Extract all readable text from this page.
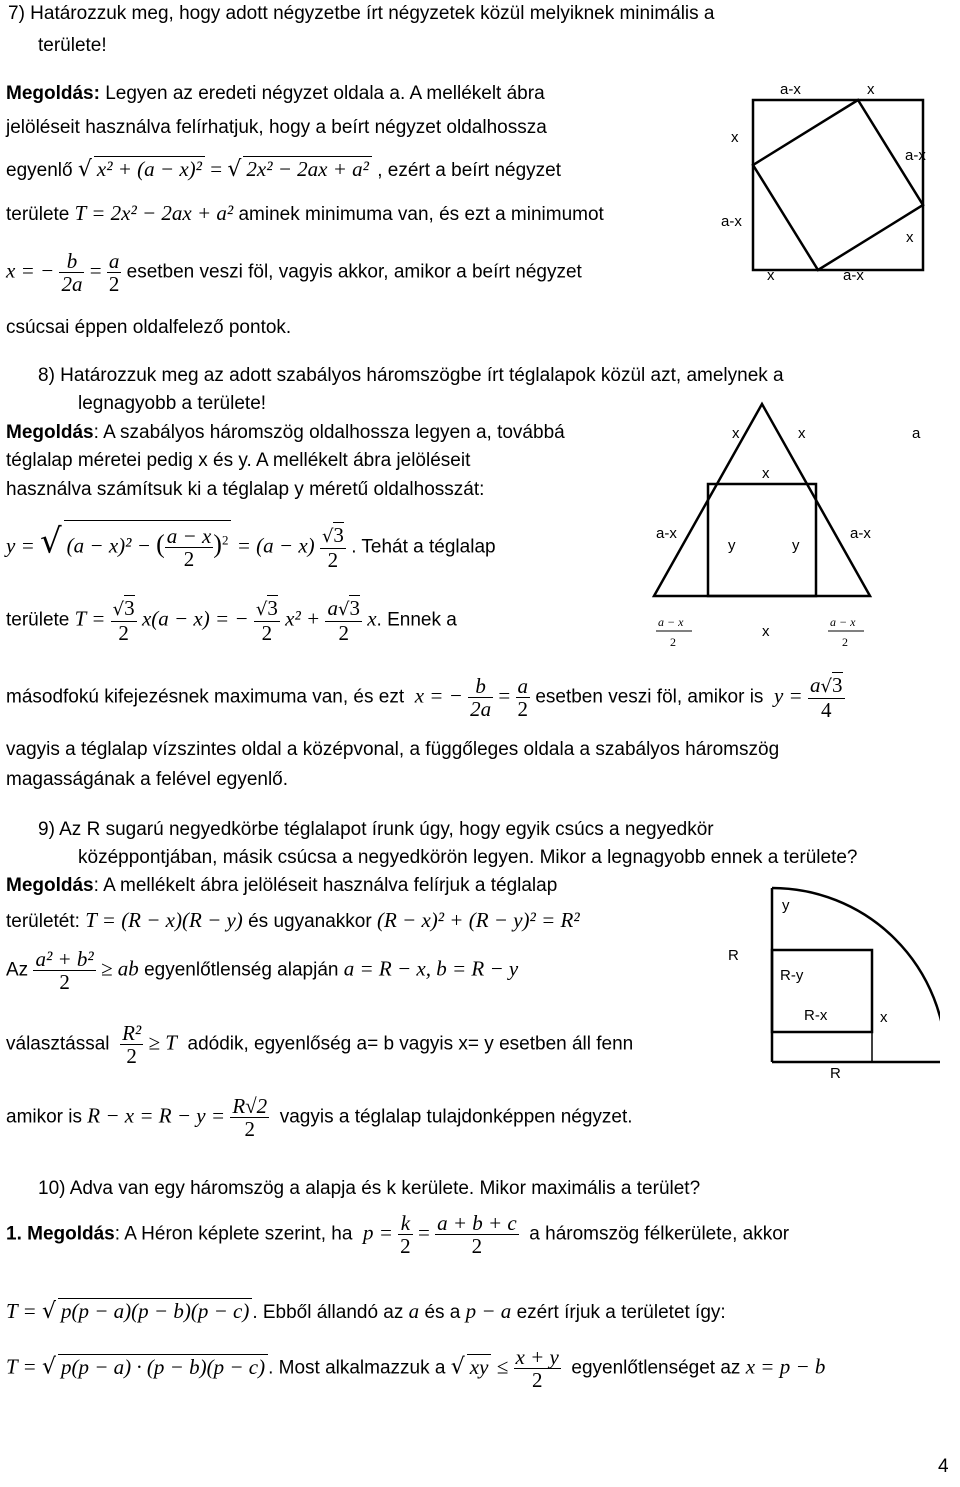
7) Határozzuk meg, hogy adott négyzetbe írt négyzetek közül melyiknek minimális a
területe!
Megoldás: Legyen az eredeti négyzet oldala a. A mellékelt ábra
jelöléseit használva felírhatjuk, hogy a beírt négyzet oldalhossza
egyenlő √ x² + (a − x)² = √ 2x² − 2ax + a² , ezért a beírt négyzet
területe T = 2x² − 2ax + a² aminek minimuma van, és ezt a minimumot
x = − $\frac{b}{2a} = \frac{a}{2}$ esetben veszi föl, vagyis akkor, amikor a beírt négyzet
csúcsai éppen oldalfelező pontok.
a-x	x
x
a-x
a-x
x
x	a-x
8) Határozzuk meg az adott szabályos háromszögbe írt téglalapok közül azt, amelynek a
legnagyobb a területe!
Megoldás: A szabályos háromszög oldalhossza legyen a, továbbá
téglalap méretei pedig x és y. A mellékelt ábra jelöléseit
használva számítsuk ki a téglalap y méretű oldalhosszát:
y = √ (a − x)² − ( $\frac{a - x}{2} )^2 = (a - x) \frac{√3}{2}$ . Tehát a téglalap
területe $T = \frac{√3}{2} x(a - x)$ = − $\frac{√3}{2} x^2 + \frac{a√3}{2} x$. Ennek a
másodfokú kifejezésnek maximuma van, és ezt x = − $\frac{b}{2a} = \frac{a}{2}$ esetben veszi föl, amikor is $y = \frac{a√3}{4}$
vagyis a téglalap vízszintes oldal a középvonal, a függőleges oldala a szabályos háromszög
magasságának a felével egyenlő.
x	x	a
x
a-x
y	y
a-x
a − x
2
x
a − x
2
9) Az R sugarú negyedkörbe téglalapot írunk úgy, hogy egyik csúcs a negyedkör
középpontjában, másik csúcsa a negyedkörön legyen. Mikor a legnagyobb ennek a területe?
Megoldás: A mellékelt ábra jelöléseit használva felírjuk a téglalap
területét: T = (R − x)(R − y) és ugyanakkor (R − x)² + (R − y)² = R²
Az $\frac{\text{a² + b²}}{2}$ ≥ ab egyenlőtlenség alapján a = R − x, b = R − y
választással $\frac{\text{R²}}{2} \ge T$ adódik, egyenlőség a= b vagyis x= y esetben áll fenn
amikor is $R - x = R - y = \frac{R√2}{2}$ vagyis a téglalap tulajdonképpen négyzet.
y
R
R-y
R-x	x
R
10) Adva van egy háromszög a alapja és k kerülete. Mikor maximális a terület?
1. Megoldás: A Héron képlete szerint, ha $p = \frac{k}{2} = \frac{a + b + c}{2}$ a háromszög félkerülete, akkor
T = √ p(p − a)(p − b)(p − c) . Ebből állandó az a és a p − a ezért írjuk a területet így:
T = √ p(p − a) · (p − b)(p − c) . Most alkalmazzuk a √ xy ≤ $\frac{x + y}{2}$ egyenlőtlenséget az x = p − b
4
